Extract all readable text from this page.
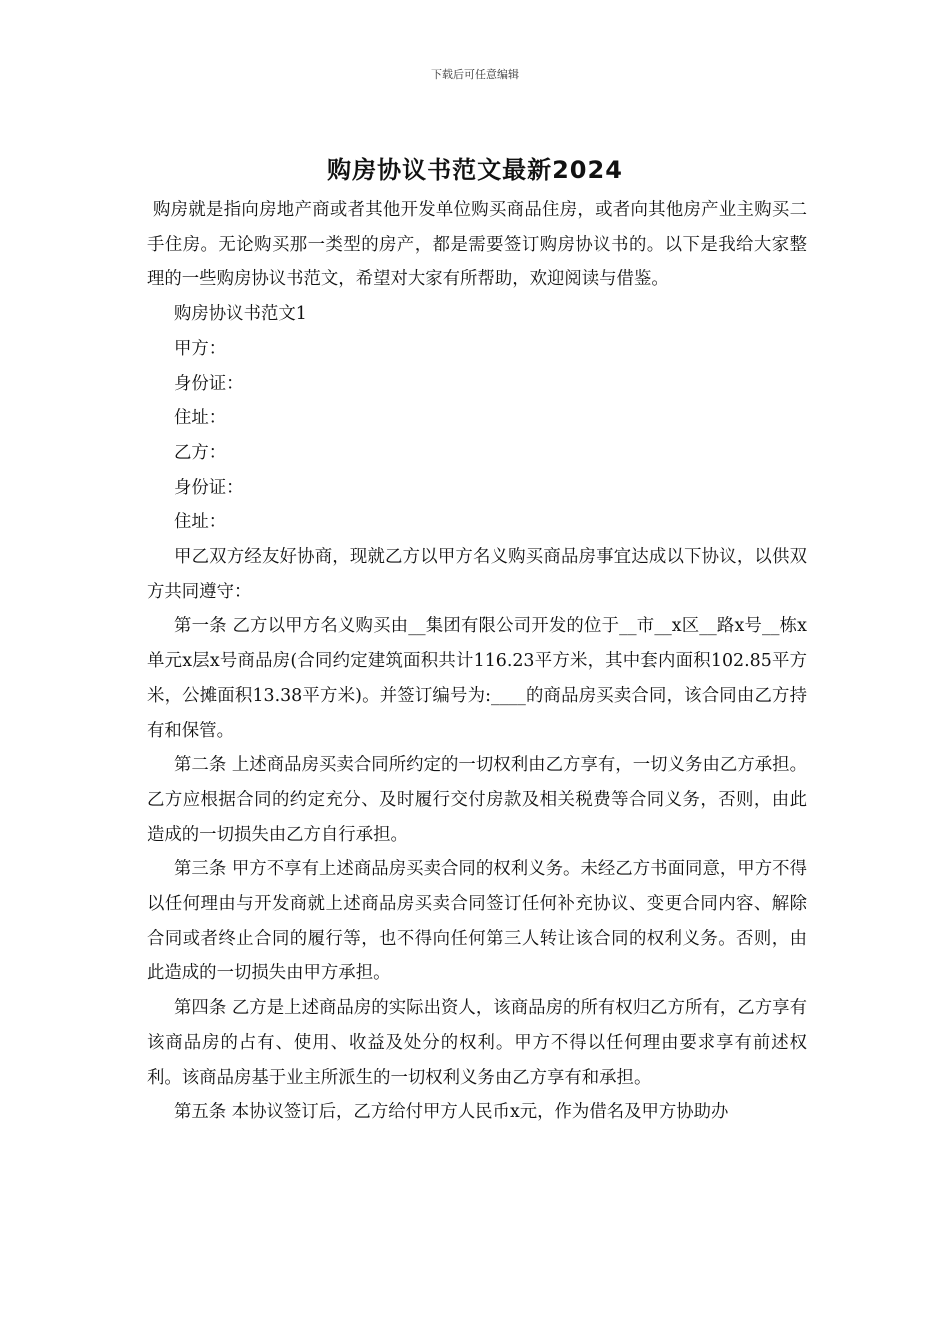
下载后可任意编辑
购房协议书范文最新2024

购房就是指向房地产商或者其他开发单位购买商品住房，或者向其他房产业主购买二手住房。无论购买那一类型的房产，都是需要签订购房协议书的。以下是我给大家整理的一些购房协议书范文，希望对大家有所帮助，欢迎阅读与借鉴。

购房协议书范文1

甲方：

身份证：

住址：

乙方：

身份证：

住址：

甲乙双方经友好协商，现就乙方以甲方名义购买商品房事宜达成以下协议，以供双方共同遵守：

第一条 乙方以甲方名义购买由__集团有限公司开发的位于__市__x区__路x号__栋x单元x层x号商品房(合同约定建筑面积共计116.23平方米，其中套内面积102.85平方米，公摊面积13.38平方米)。并签订编号为:____的商品房买卖合同，该合同由乙方持有和保管。

第二条 上述商品房买卖合同所约定的一切权利由乙方享有，一切义务由乙方承担。乙方应根据合同的约定充分、及时履行交付房款及相关税费等合同义务，否则，由此造成的一切损失由乙方自行承担。

第三条 甲方不享有上述商品房买卖合同的权利义务。未经乙方书面同意，甲方不得以任何理由与开发商就上述商品房买卖合同签订任何补充协议、变更合同内容、解除合同或者终止合同的履行等，也不得向任何第三人转让该合同的权利义务。否则，由此造成的一切损失由甲方承担。

第四条 乙方是上述商品房的实际出资人，该商品房的所有权归乙方所有，乙方享有该商品房的占有、使用、收益及处分的权利。甲方不得以任何理由要求享有前述权利。该商品房基于业主所派生的一切权利义务由乙方享有和承担。

第五条 本协议签订后，乙方给付甲方人民币x元，作为借名及甲方协助办
